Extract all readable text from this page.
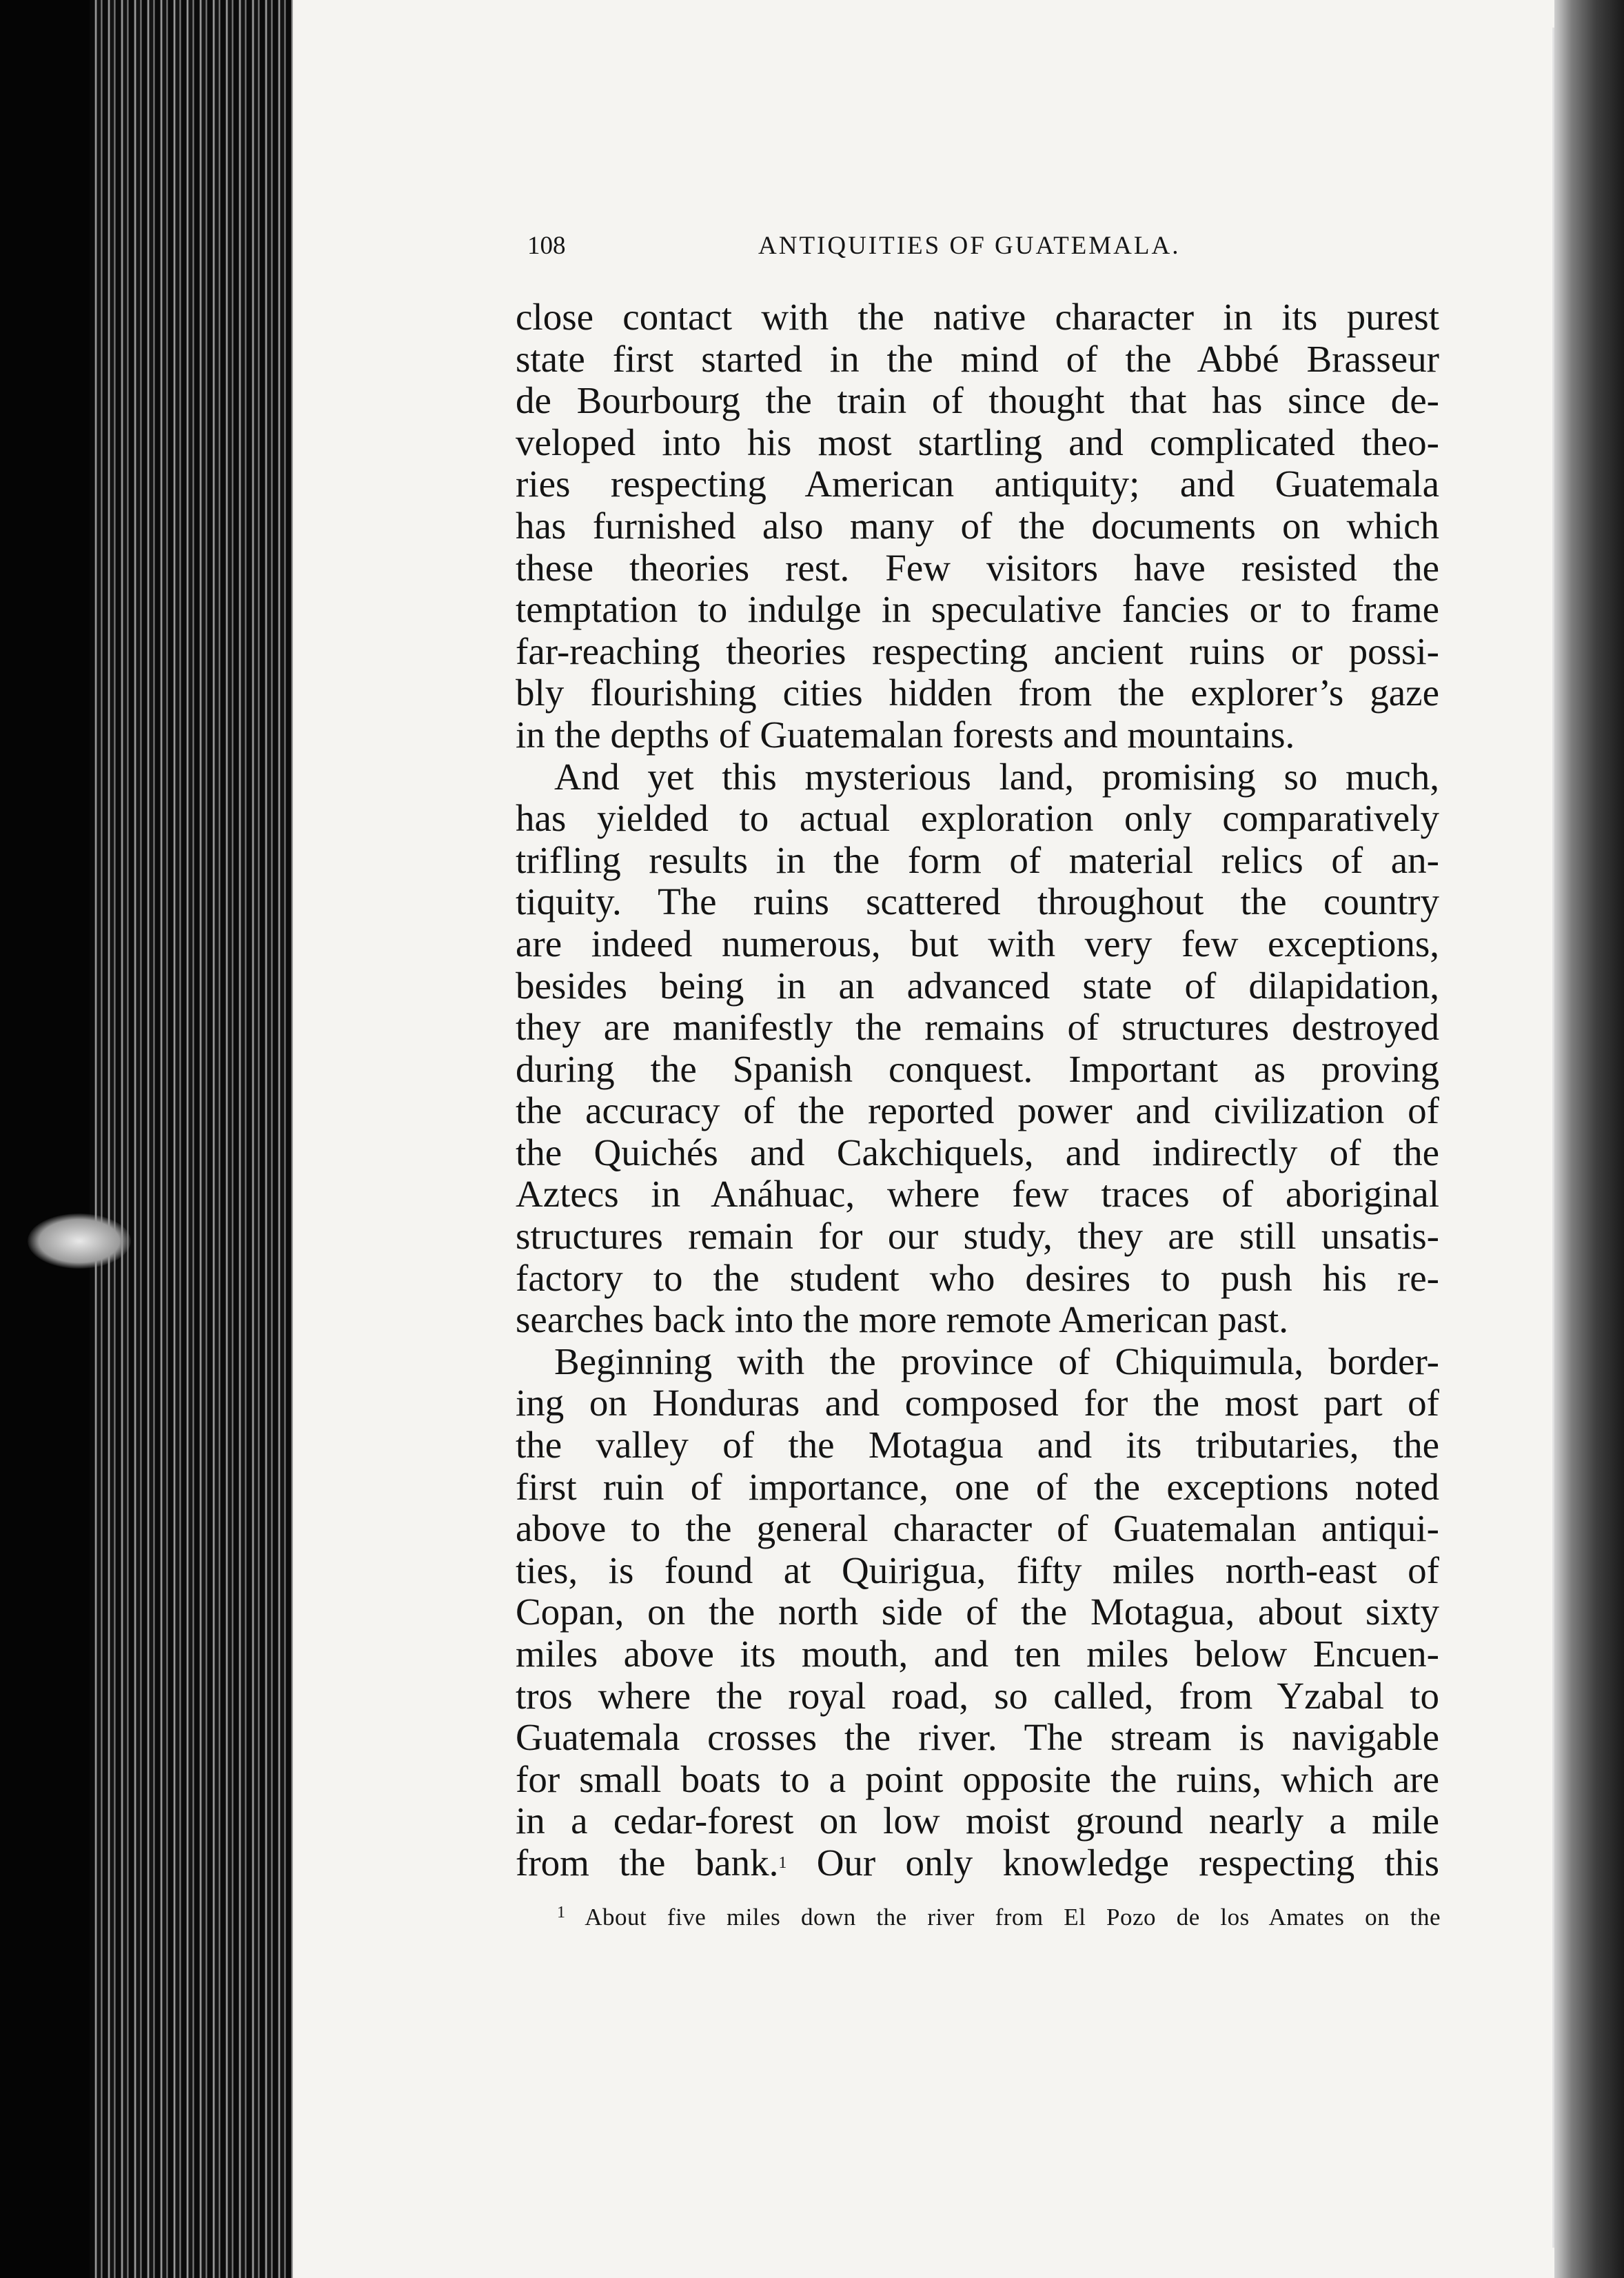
108	ANTIQUITIES OF GUATEMALA.
close contact with the native character in its purest
state first started in the mind of the Abbé Brasseur
de Bourbourg the train of thought that has since de-
veloped into his most startling and complicated theo-
ries respecting American antiquity; and Guatemala
has furnished also many of the documents on which
these theories rest. Few visitors have resisted the
temptation to indulge in speculative fancies or to frame
far-reaching theories respecting ancient ruins or possi-
bly flourishing cities hidden from the explorer’s gaze
in the depths of Guatemalan forests and mountains.
And yet this mysterious land, promising so much,
has yielded to actual exploration only comparatively
trifling results in the form of material relics of an-
tiquity. The ruins scattered throughout the country
are indeed numerous, but with very few exceptions,
besides being in an advanced state of dilapidation,
they are manifestly the remains of structures destroyed
during the Spanish conquest. Important as proving
the accuracy of the reported power and civilization of
the Quichés and Cakchiquels, and indirectly of the
Aztecs in Anáhuac, where few traces of aboriginal
structures remain for our study, they are still unsatis-
factory to the student who desires to push his re-
searches back into the more remote American past.
Beginning with the province of Chiquimula, border-
ing on Honduras and composed for the most part of
the valley of the Motagua and its tributaries, the
first ruin of importance, one of the exceptions noted
above to the general character of Guatemalan antiqui-
ties, is found at Quirigua, fifty miles north-east of
Copan, on the north side of the Motagua, about sixty
miles above its mouth, and ten miles below Encuen-
tros where the royal road, so called, from Yzabal to
Guatemala crosses the river. The stream is navigable
for small boats to a point opposite the ruins, which are
in a cedar-forest on low moist ground nearly a mile
from the bank.$^1$ Our only knowledge respecting this
$^1$ About five miles down the river from El Pozo de los Amates on the
